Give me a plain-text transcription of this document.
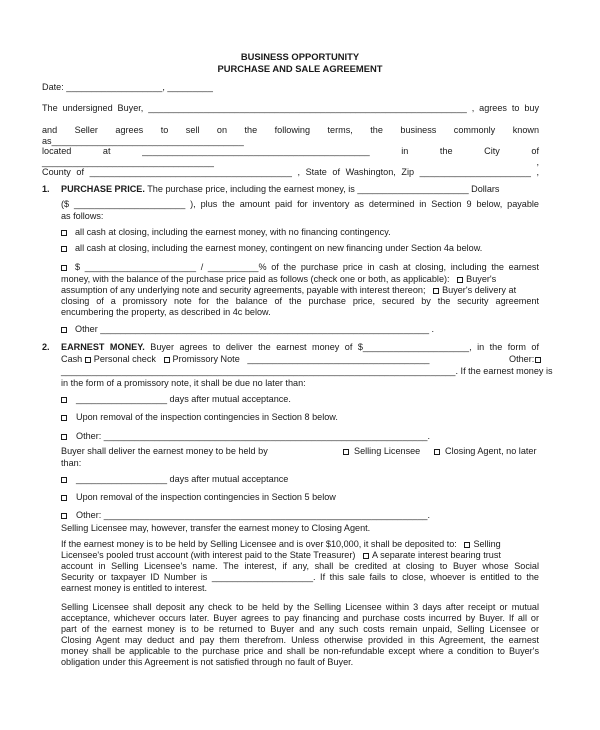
BUSINESS OPPORTUNITY
PURCHASE AND SALE AGREEMENT
Date: ___________________, _________
The undersigned Buyer, _______________________________________________________________ , agrees to buy
and Seller agrees to sell on the following terms, the business commonly known as______________________________________
located at _____________________________________________ in the City of __________________________________ ,
County of ________________________________________ , State of Washington, Zip ______________________ ,
1. PURCHASE PRICE. The purchase price, including the earnest money, is ______________________ Dollars
($ ______________________ ), plus the amount paid for inventory as determined in Section 9 below, payable
as follows:
all cash at closing, including the earnest money, with no financing contingency.
all cash at closing, including the earnest money, contingent on new financing under Section 4a below.
$ ______________________ / __________% of the purchase price in cash at closing, including the earnest
money, with the balance of the purchase price paid as follows (check one or both, as applicable): Buyer's
assumption of any underlying note and security agreements, payable with interest thereon; Buyer's delivery at
closing of a promissory note for the balance of the purchase price, secured by the security agreement
encumbering the property, as described in 4c below.
Other _________________________________________________________________ .
2. EARNEST MONEY. Buyer agrees to deliver the earnest money of $_____________________, in the form of
Cash Personal check Promissory Note ____________________________________	Other:
______________________________________________________________________________. If the earnest money is
in the form of a promissory note, it shall be due no later than:
__________________ days after mutual acceptance.
Upon removal of the inspection contingencies in Section 8 below.
Other: ________________________________________________________________.
Buyer shall deliver the earnest money to be held by	Selling Licensee	Closing Agent, no later
than:
__________________ days after mutual acceptance
Upon removal of the inspection contingencies in Section 5 below
Other: ________________________________________________________________.
Selling Licensee may, however, transfer the earnest money to Closing Agent.
If the earnest money is to be held by Selling Licensee and is over $10,000, it shall be deposited to: Selling
Licensee's pooled trust account (with interest paid to the State Treasurer) A separate interest bearing trust
account in Selling Licensee's name. The interest, if any, shall be credited at closing to Buyer whose Social
Security or taxpayer ID Number is ____________________. If this sale fails to close, whoever is entitled to the
earnest money is entitled to interest.
Selling Licensee shall deposit any check to be held by the Selling Licensee within 3 days after receipt or mutual
acceptance, whichever occurs later. Buyer agrees to pay financing and purchase costs incurred by Buyer. If all or
part of the earnest money is to be returned to Buyer and any such costs remain unpaid, Selling Licensee or
Closing Agent may deduct and pay them therefrom. Unless otherwise provided in this Agreement, the earnest
money shall be applicable to the purchase price and shall be non-refundable except where a condition to Buyer's
obligation under this Agreement is not satisfied through no fault of Buyer.
